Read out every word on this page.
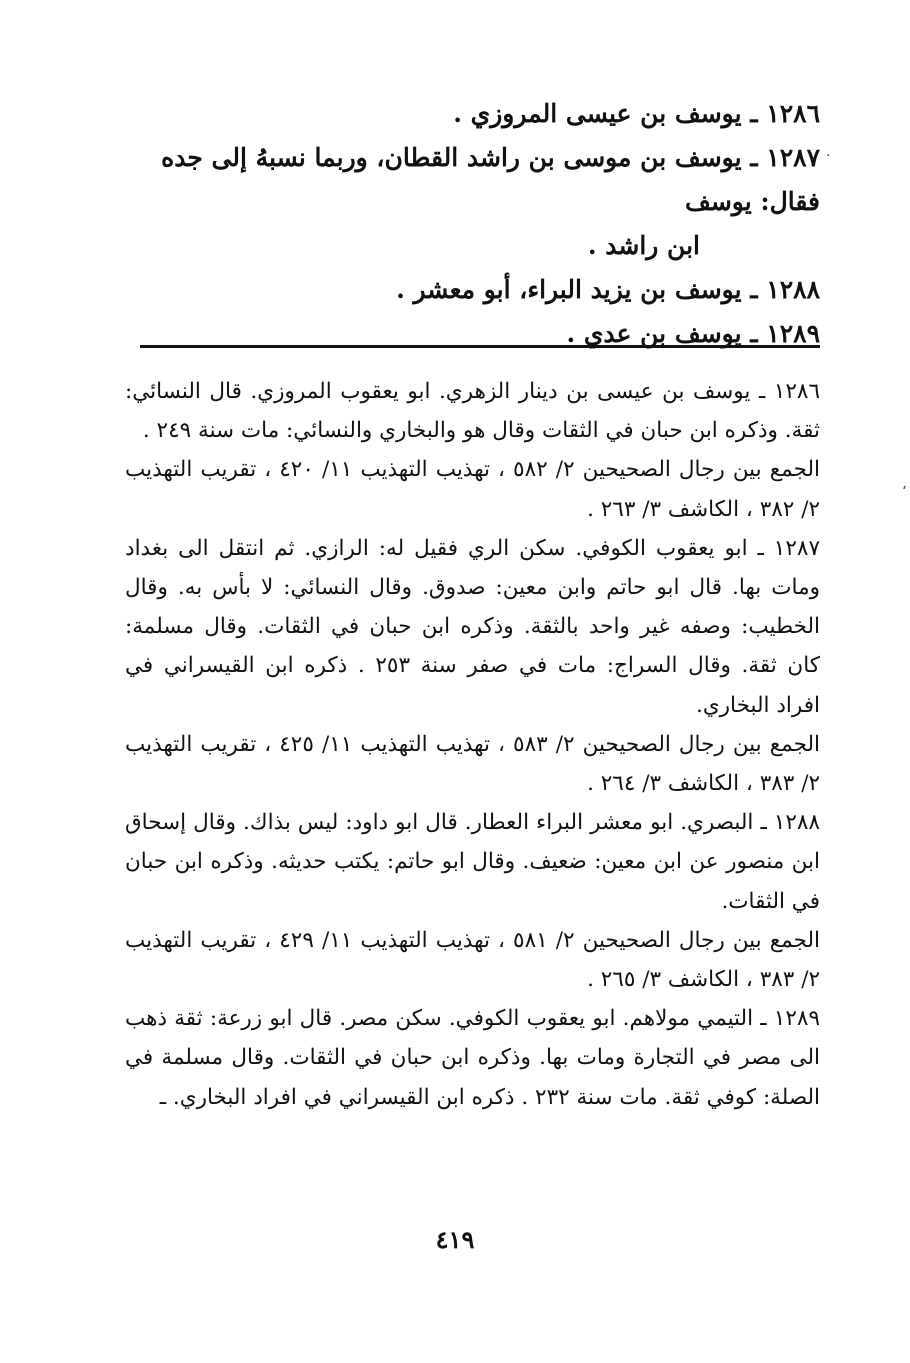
١٢٨٦ ـ يوسف بن عيسى المروزي .

١٢٨٧ ـ يوسف بن موسى بن راشد القطان، وربما نسبهُ إلى جده فقال: يوسف

ابن راشد .

١٢٨٨ ـ يوسف بن يزيد البراء، أبو معشر .

١٢٨٩ ـ يوسف بن عدي .

١٢٨٦ ـ يوسف بن عيسى بن دينار الزهري. ابو يعقوب المروزي. قال النسائي: ثقة. وذكره ابن حبان في الثقات وقال هو والبخاري والنسائي: مات سنة ٢٤٩ .

الجمع بين رجال الصحيحين ٢/ ٥٨٢ ، تهذيب التهذيب ١١/ ٤٢٠ ، تقريب التهذيب ٢/ ٣٨٢ ، الكاشف ٣/ ٢٦٣ .

١٢٨٧ ـ ابو يعقوب الكوفي. سكن الري فقيل له: الرازي. ثم انتقل الى بغداد ومات بها. قال ابو حاتم وابن معين: صدوق. وقال النسائي: لا بأس به. وقال الخطيب: وصفه غير واحد بالثقة. وذكره ابن حبان في الثقات. وقال مسلمة: كان ثقة. وقال السراج: مات في صفر سنة ٢٥٣ . ذكره ابن القيسراني في افراد البخاري.

الجمع بين رجال الصحيحين ٢/ ٥٨٣ ، تهذيب التهذيب ١١/ ٤٢٥ ، تقريب التهذيب ٢/ ٣٨٣ ، الكاشف ٣/ ٢٦٤ .

١٢٨٨ ـ البصري. ابو معشر البراء العطار. قال ابو داود: ليس بذاك. وقال إسحاق ابن منصور عن ابن معين: ضعيف. وقال ابو حاتم: يكتب حديثه. وذكره ابن حبان في الثقات.

الجمع بين رجال الصحيحين ٢/ ٥٨١ ، تهذيب التهذيب ١١/ ٤٢٩ ، تقريب التهذيب ٢/ ٣٨٣ ، الكاشف ٣/ ٢٦٥ .

١٢٨٩ ـ التيمي مولاهم. ابو يعقوب الكوفي. سكن مصر. قال ابو زرعة: ثقة ذهب الى مصر في التجارة ومات بها. وذكره ابن حبان في الثقات. وقال مسلمة في الصلة: كوفي ثقة. مات سنة ٢٣٢ . ذكره ابن القيسراني في افراد البخاري. ـ

٤١٩
·
‘
